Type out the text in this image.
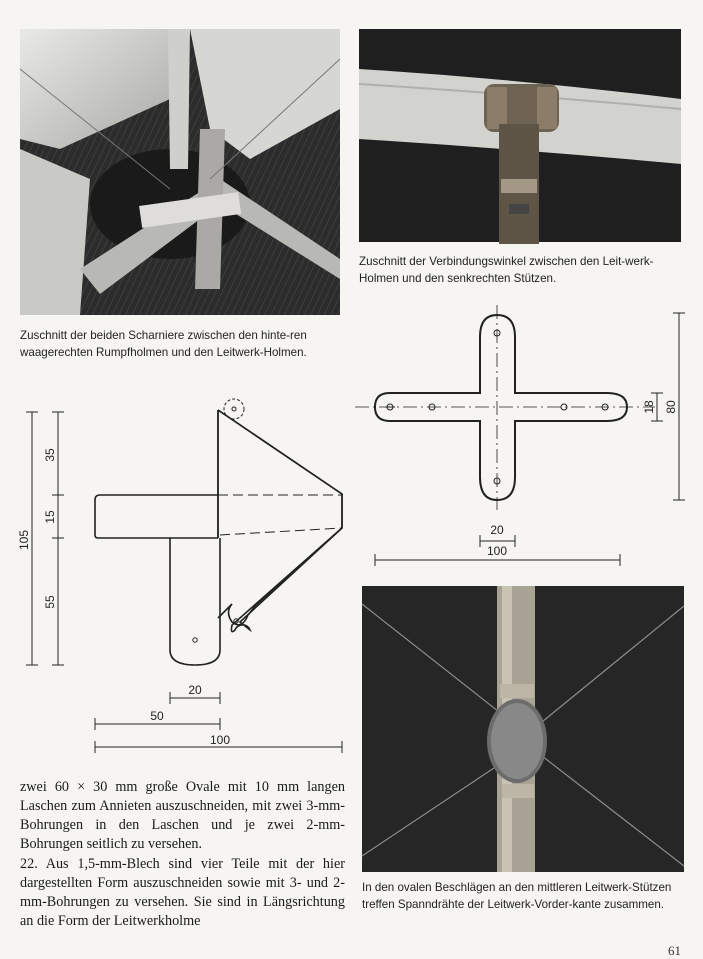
Zuschnitt der Verbindungswinkel zwischen den Leit-werk-Holmen und den senkrechten Stützen.

Zuschnitt der beiden Scharniere zwischen den hinte-ren waagerechten Rumpfholmen und den Leitwerk-Holmen.

105
35
15
55
20
50
100
20
100
18 80

zwei 60 × 30 mm große Ovale mit 10 mm langen Laschen zum Annieten auszuschneiden, mit zwei 3-mm-Bohrungen in den Laschen und je zwei 2-mm-Bohrungen seitlich zu versehen.

22. Aus 1,5-mm-Blech sind vier Teile mit der hier dargestellten Form auszuschneiden sowie mit 3- und 2-mm-Bohrungen zu versehen. Sie sind in Längsrichtung an die Form der Leitwerkholme

In den ovalen Beschlägen an den mittleren Leitwerk-Stützen treffen Spanndrähte der Leitwerk-Vorder-kante zusammen.

61
